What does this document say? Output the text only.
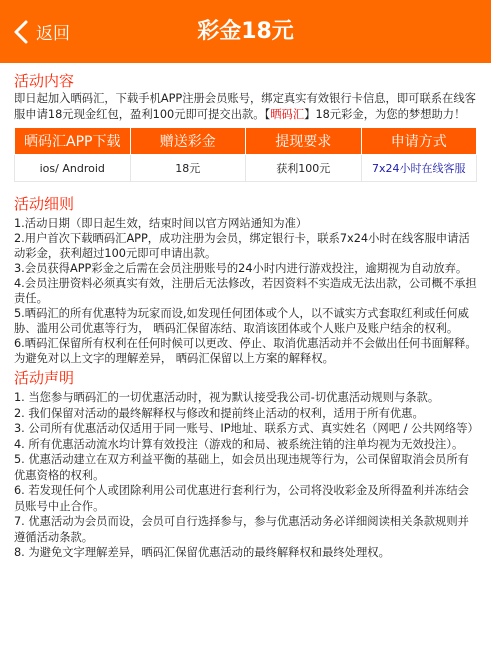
返回	彩金18元
活动内容

即日起加入晒码汇，下载手机APP注册会员账号，绑定真实有效银行卡信息，即可联系在线客服申请18元现金红包，盈利100元即可提交出款。【晒码汇】18元彩金，为您的梦想助力！

晒码汇APP下载	赠送彩金	提现要求	申请方式
ios/ Android	18元	获利100元	7x24小时在线客服
活动细则
1.活动日期（即日起生效，结束时间以官方网站通知为准）
2.用户首次下载晒码汇APP，成功注册为会员，绑定银行卡，联系7x24小时在线客服申请活动彩金，获利超过100元即可申请出款。
3.会员获得APP彩金之后需在会员注册账号的24小时内进行游戏投注，逾期视为自动放弃。
4.会员注册资料必须真实有效，注册后无法修改，若因资料不实造成无法出款，公司概不承担责任。
5.晒码汇的所有优惠特为玩家而设,如发现任何团体或个人，以不诚实方式套取红利或任何威胁、滥用公司优惠等行为， 晒码汇保留冻结、取消该团体或个人账户及账户结余的权利。
6.晒码汇保留所有权利在任何时候可以更改、停止、取消优惠活动并不会做出任何书面解释。为避免对以上文字的理解差异， 晒码汇保留以上方案的解释权。
活动声明
1. 当您参与晒码汇的一切优惠活动时，视为默认接受我公司-切优惠活动规则与条款。
2. 我们保留对活动的最终解释权与修改和提前终止活动的权利，适用于所有优惠。
3. 公司所有优惠活动仅适用于同一账号、IP地址、联系方式、真实姓名（网吧 / 公共网络等）
4. 所有优惠活动流水均计算有效投注（游戏的和局、被系统注销的注单均视为无效投注）。
5. 优惠活动建立在双方利益平衡的基础上，如会员出现违规等行为，公司保留取消会员所有优惠资格的权利。
6. 若发现任何个人或团除利用公司优惠进行套利行为，公司将没收彩金及所得盈利并冻结会员账号中止合作。
7. 优惠活动为会员而设，会员可自行选择参与，参与优惠活动务必详细阅读相关条款规则并遵循活动条款。
8. 为避免文字理解差异，晒码汇保留优惠活动的最终解释权和最终处理权。
